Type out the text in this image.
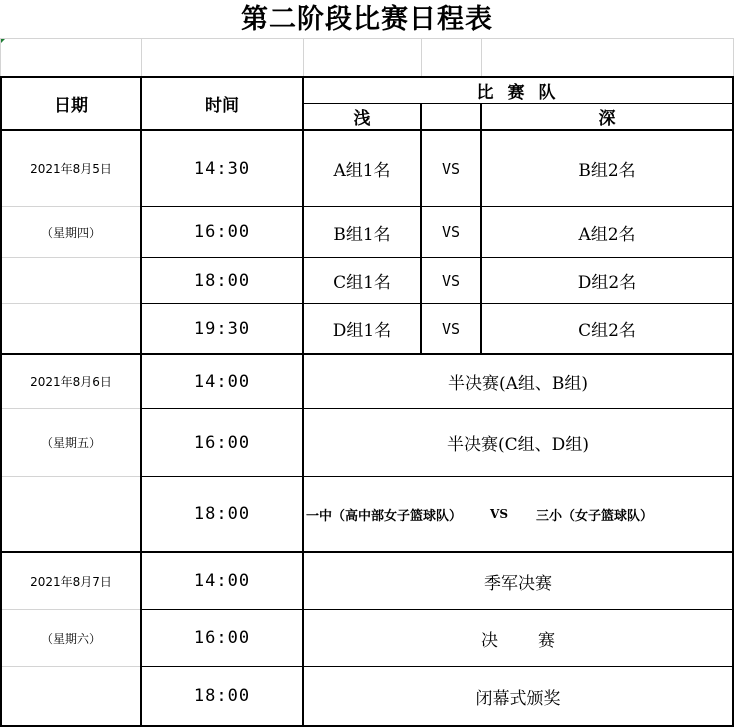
第二阶段比赛日程表
日期	时间
比赛队
浅	深
2021年8月5日
（星期四）
14:30	A组1名	VS	B组2名
16:00	B组1名	VS	A组2名
18:00	C组1名	VS	D组2名
19:30	D组1名	VS	C组2名
2021年8月6日
（星期五）
14:00	半决赛(A组、B组)
16:00	半决赛(C组、D组)
18:00	一中（高中部女子篮球队） VS 三小（女子篮球队）
2021年8月7日
（星期六）
14:00	季军决赛
16:00	决 赛
18:00	闭幕式颁奖
